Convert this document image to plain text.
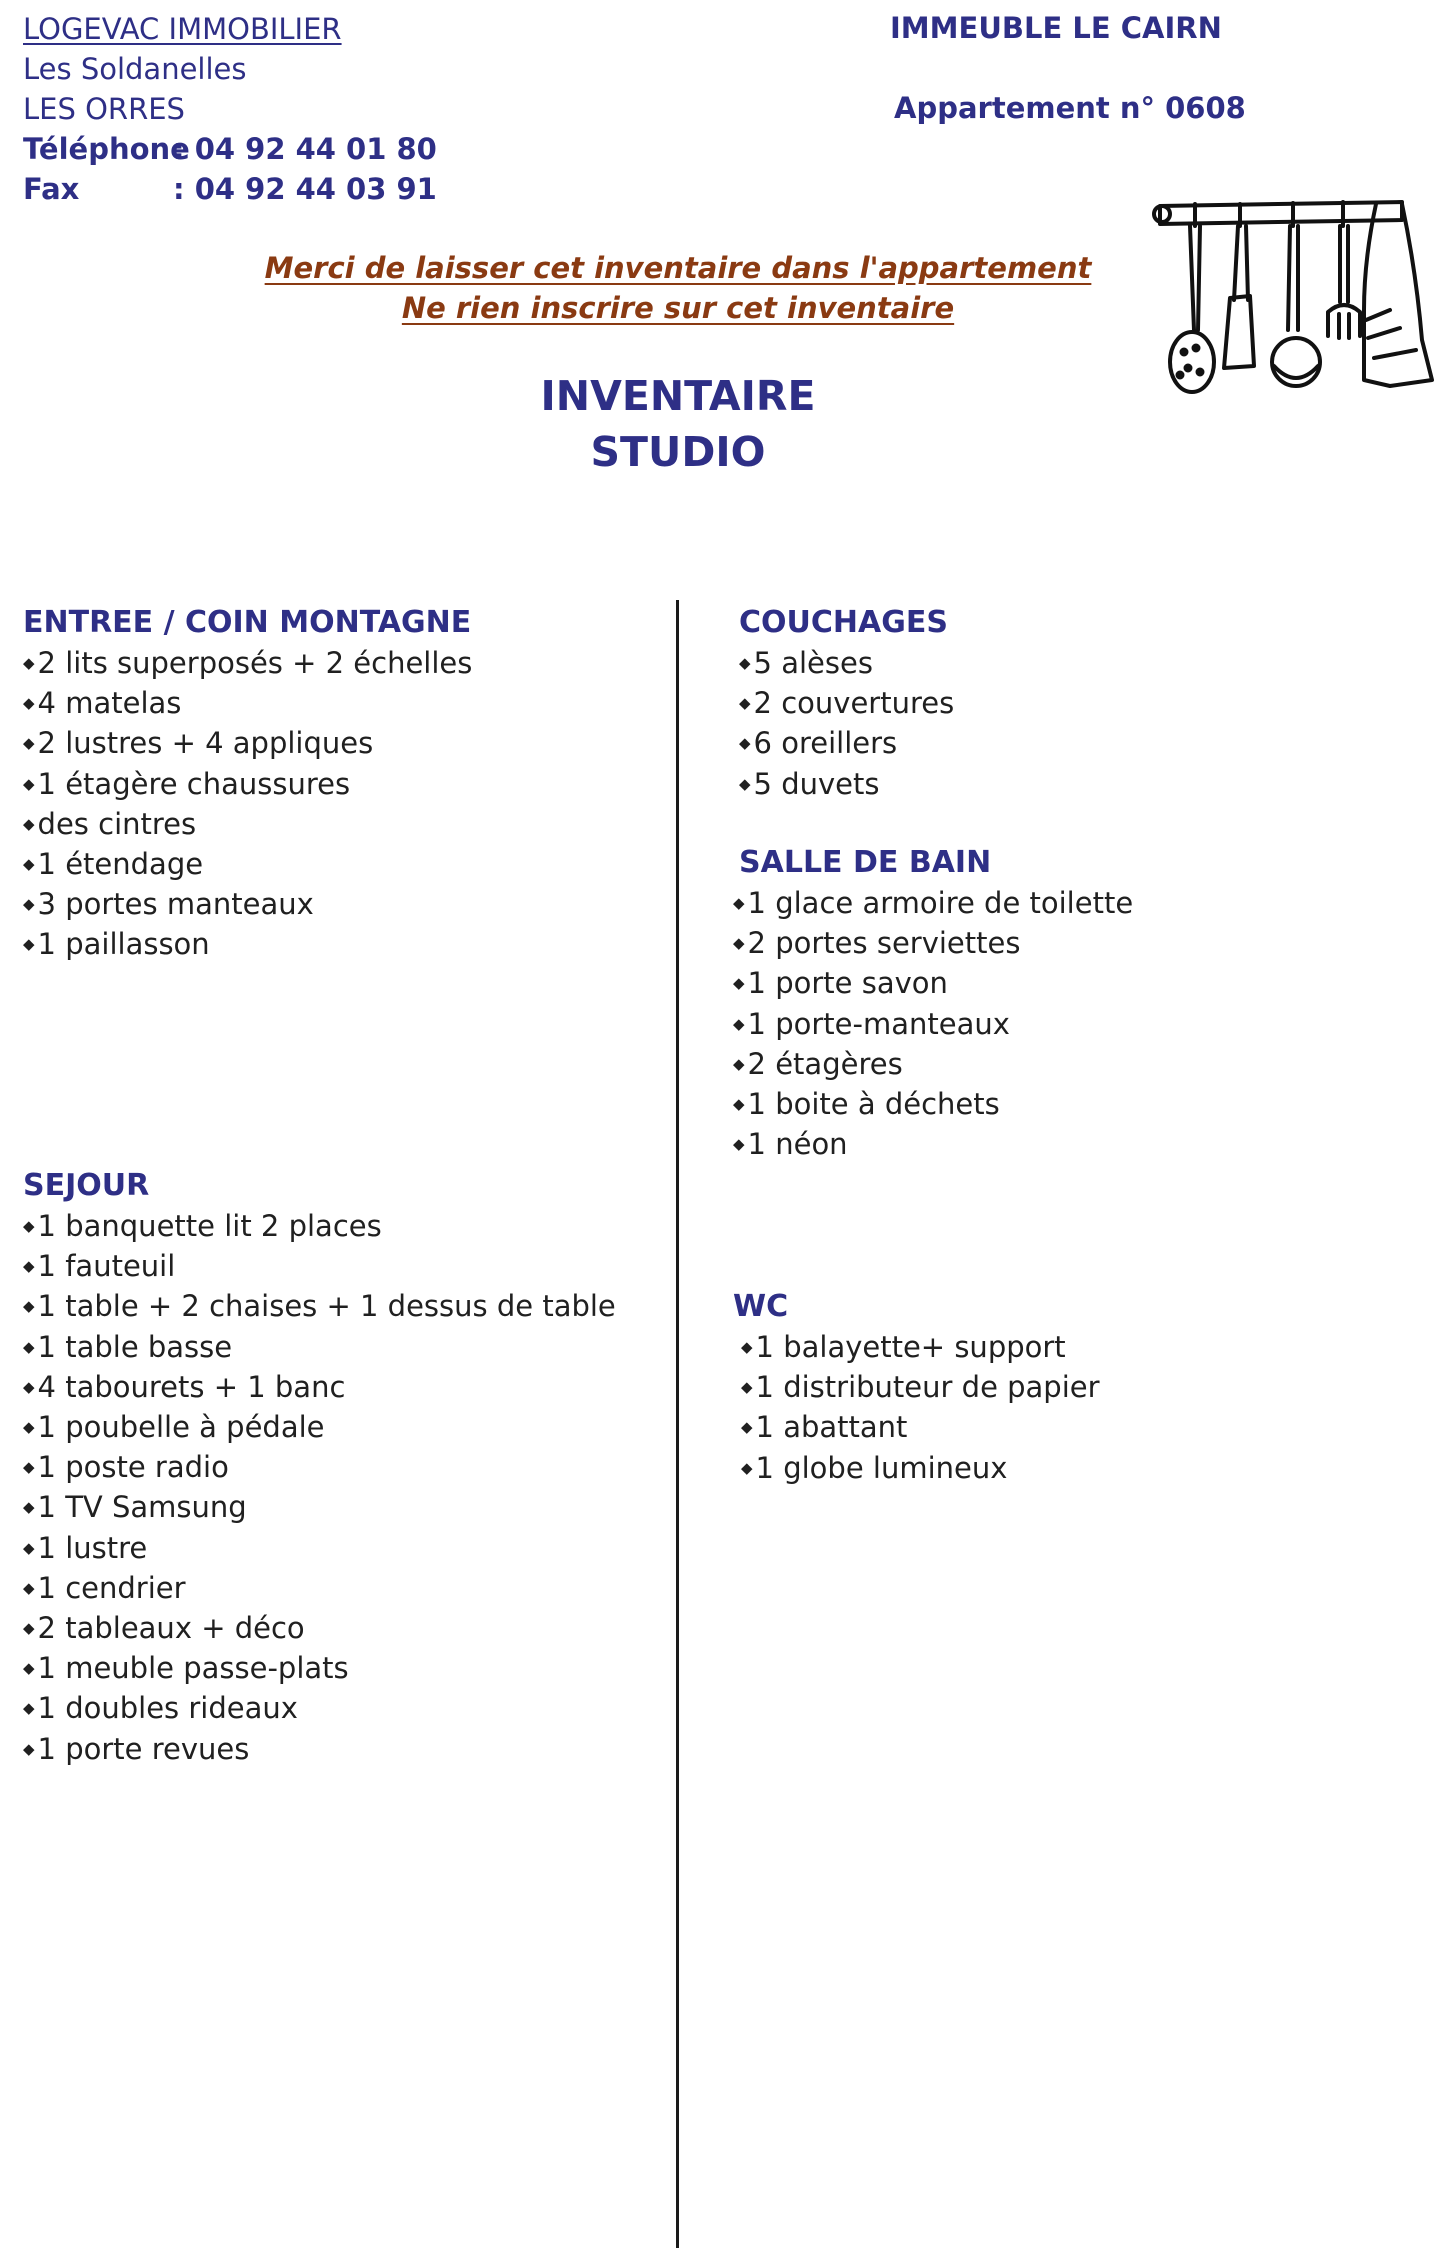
LOGEVAC IMMOBILIER
Les Soldanelles
LES ORRES
Téléphone: 04 92 44 01 80
Fax	: 04 92 44 03 91
IMMEUBLE LE CAIRN
Appartement n° 0608
Merci de laisser cet inventaire dans l'appartement
Ne rien inscrire sur cet inventaire
INVENTAIRE
STUDIO
ENTREE / COIN MONTAGNE
◆ 2 lits superposés + 2 échelles
◆ 4 matelas
◆ 2 lustres + 4 appliques
◆ 1 étagère chaussures
◆ des cintres
◆ 1 étendage
◆ 3 portes manteaux
◆ 1 paillasson
SEJOUR
◆ 1 banquette lit 2 places
◆ 1 fauteuil
◆ 1 table + 2 chaises + 1 dessus de table
◆ 1 table basse
◆ 4 tabourets + 1 banc
◆ 1 poubelle à pédale
◆ 1 poste radio
◆ 1 TV Samsung
◆ 1 lustre
◆ 1 cendrier
◆ 2 tableaux + déco
◆ 1 meuble passe-plats
◆ 1 doubles rideaux
◆ 1 porte revues
COUCHAGES
◆ 5 alèses
◆ 2 couvertures
◆ 6 oreillers
◆ 5 duvets
SALLE DE BAIN
◆ 1 glace armoire de toilette
◆ 2 portes serviettes
◆ 1 porte savon
◆ 1 porte-manteaux
◆ 2 étagères
◆ 1 boite à déchets
◆ 1 néon
WC
◆ 1 balayette+ support
◆ 1 distributeur de papier
◆ 1 abattant
◆ 1 globe lumineux
